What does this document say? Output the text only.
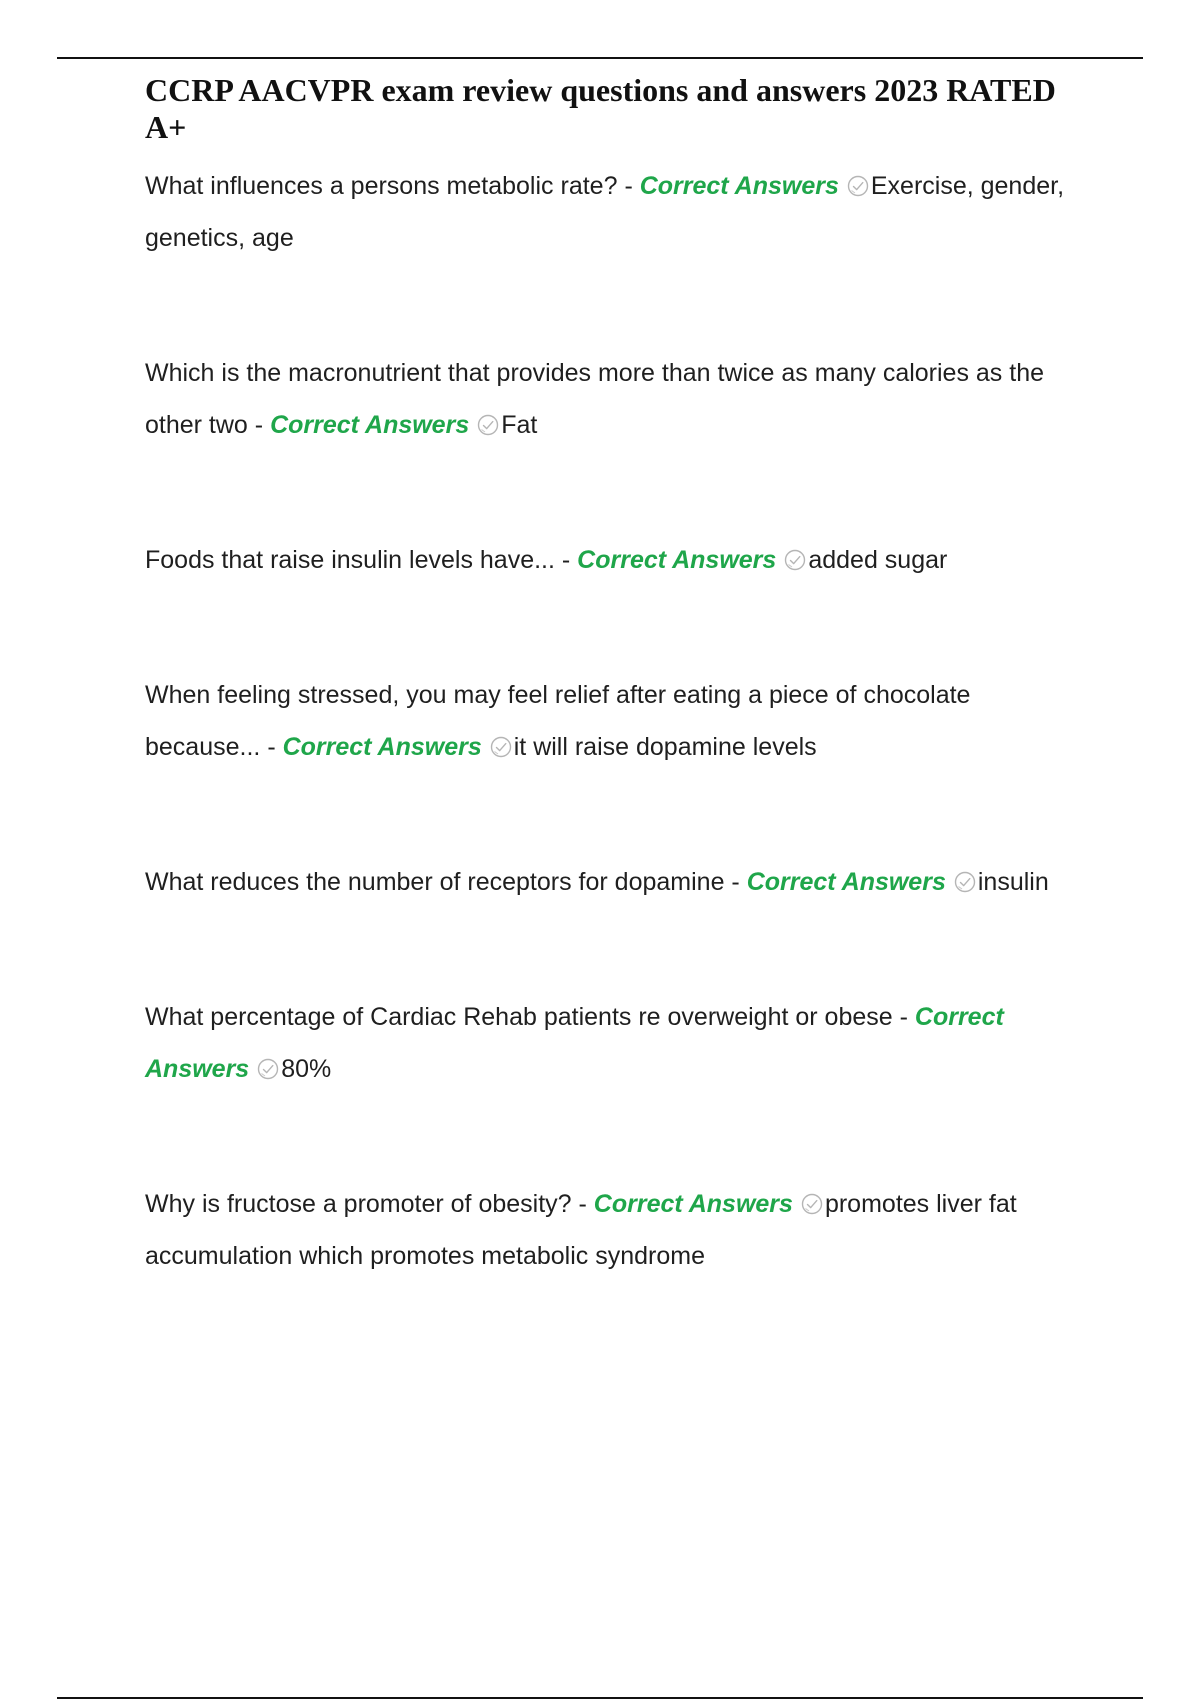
CCRP AACVPR exam review questions and answers 2023 RATED A+

What influences a persons metabolic rate? - Correct Answers Exercise, gender, genetics, age

Which is the macronutrient that provides more than twice as many calories as the other two - Correct Answers Fat

Foods that raise insulin levels have... - Correct Answers added sugar

When feeling stressed, you may feel relief after eating a piece of chocolate because... - Correct Answers it will raise dopamine levels

What reduces the number of receptors for dopamine - Correct Answers insulin

What percentage of Cardiac Rehab patients re overweight or obese - Correct Answers 80%

Why is fructose a promoter of obesity? - Correct Answers promotes liver fat accumulation which promotes metabolic syndrome
